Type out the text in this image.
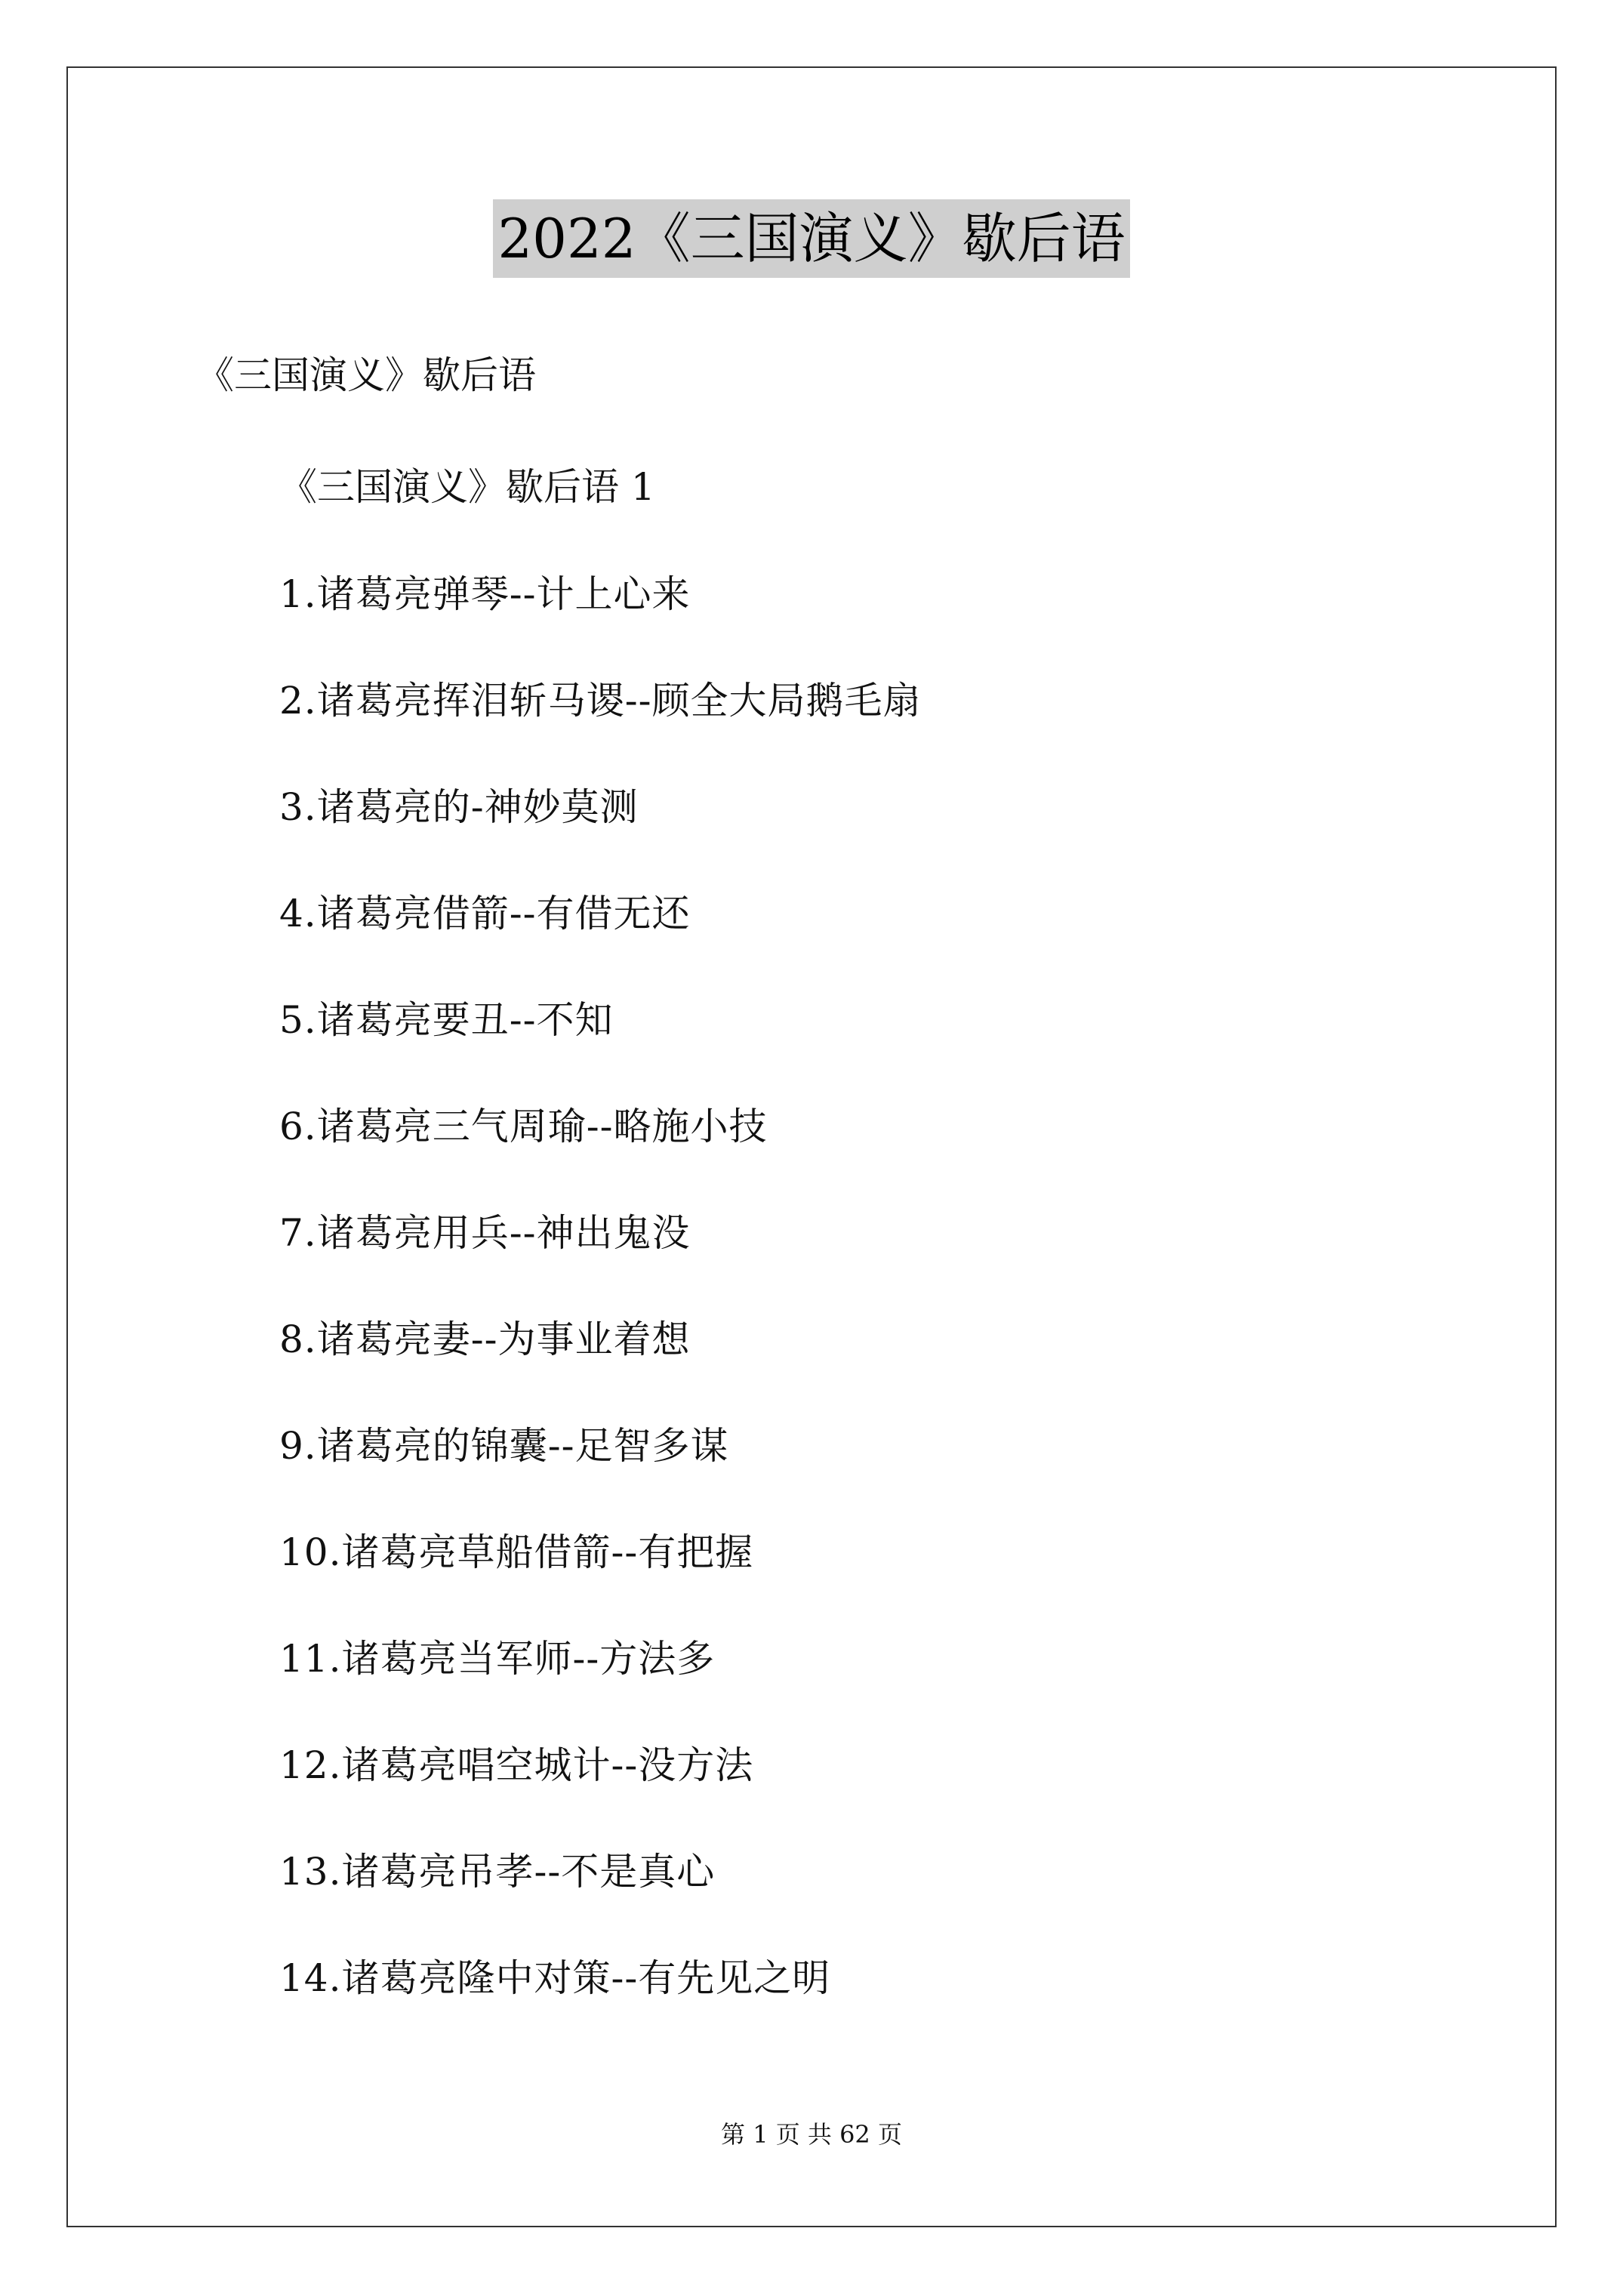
2022《三国演义》歇后语
《三国演义》歇后语
《三国演义》歇后语 1
1.诸葛亮弹琴--计上心来
2.诸葛亮挥泪斩马谡--顾全大局鹅毛扇
3.诸葛亮的-神妙莫测
4.诸葛亮借箭--有借无还
5.诸葛亮要丑--不知
6.诸葛亮三气周瑜--略施小技
7.诸葛亮用兵--神出鬼没
8.诸葛亮妻--为事业着想
9.诸葛亮的锦囊--足智多谋
10.诸葛亮草船借箭--有把握
11.诸葛亮当军师--方法多
12.诸葛亮唱空城计--没方法
13.诸葛亮吊孝--不是真心
14.诸葛亮隆中对策--有先见之明
第 1 页 共 62 页
